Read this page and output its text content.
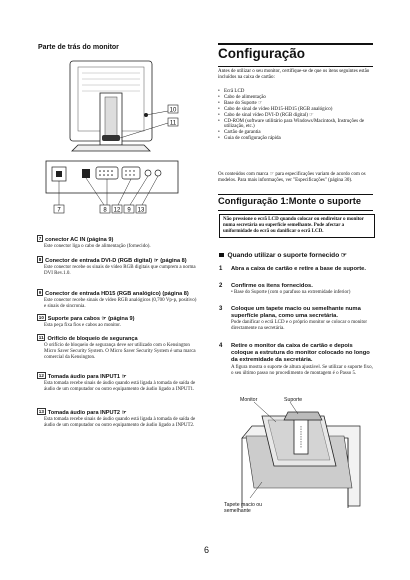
Parte de trás do monitor
10
11
7	8 12 9 13
7 conector AC IN (página 9)
Este conector liga o cabo de alimentação (fornecido).
8 Conector de entrada DVI-D (RGB digital) ☞ (página 8)
Este conector recebe os sinais de vídeo RGB digitais que cumprem a norma DVI Rev.1.0.
9 Conector de entrada HD15 (RGB analógico) (página 8)
Este conector recebe sinais de vídeo RGB analógicos (0,700 Vp-p, positivo) e sinais de sincronia.
10 Suporte para cabos ☞ (página 9)
Esta peça fixa fios e cabos ao monitor.
11 Orifício de bloqueio de segurança
O orifício de bloqueio de segurança deve ser utilizado com o Kensington Micro Saver Security System. O Micro Saver Security System é uma marca comercial da Kensington.
12 Tomada áudio para INPUT1 ☞
Esta tomada recebe sinais de áudio quando está ligada à tomada de saída de áudio de um computador ou outro equipamento de áudio ligado a INPUT1.
13 Tomada áudio para INPUT2 ☞
Esta tomada recebe sinais de áudio quando está ligada à tomada de saída de áudio de um computador ou outro equipamento de áudio ligado a INPUT2.
Configuração
Antes de utilizar o seu monitor, certifique-se de que os itens seguintes estão incluídos na caixa de cartão:
• Ecrã LCD
• Cabo de alimentação
• Base do Suporte ☞
• Cabo de sinal de vídeo HD15-HD15 (RGB analógico)
• Cabo de sinal vídeo DVI-D (RGB digital) ☞
• CD-ROM (software utilitário para Windows/Macintosh, Instruções de utilização, etc.)
• Cartão de garantia
• Guia de configuração rápida
Os conteúdos com marca ☞ para especificações variam de acordo com os modelos. Para mais informações, ver "Especificações" (página 30).
Configuração 1:Monte o suporte
Não pressione o ecrã LCD quando colocar ou endireitar o monitor numa secretária ou superfície semelhante. Pode afectar a uniformidade do ecrã ou danificar o ecrã LCD.
Quando utilizar o suporte fornecido ☞
1 Abra a caixa de cartão e retire a base de suporte.
2 Confirme os itens fornecidos.
• Base do Suporte (com o parafuso na extremidade inferior)
3 Coloque um tapete macio ou semelhante numa superfície plana, como uma secretária.
Pode danificar o ecrã LCD e o próprio monitor se colocar o monitor directamente na secretária.
4 Retire o monitor da caixa de cartão e depois coloque a estrutura do monitor colocado no longo da extremidade da secretária.
A figura mostra o suporte de altura ajustável. Se utilizar o suporte fixo, o seu último passo no procedimento de montagem é o Passo 5.
Monitor	Suporte
Tapete macio ou semelhante
6
